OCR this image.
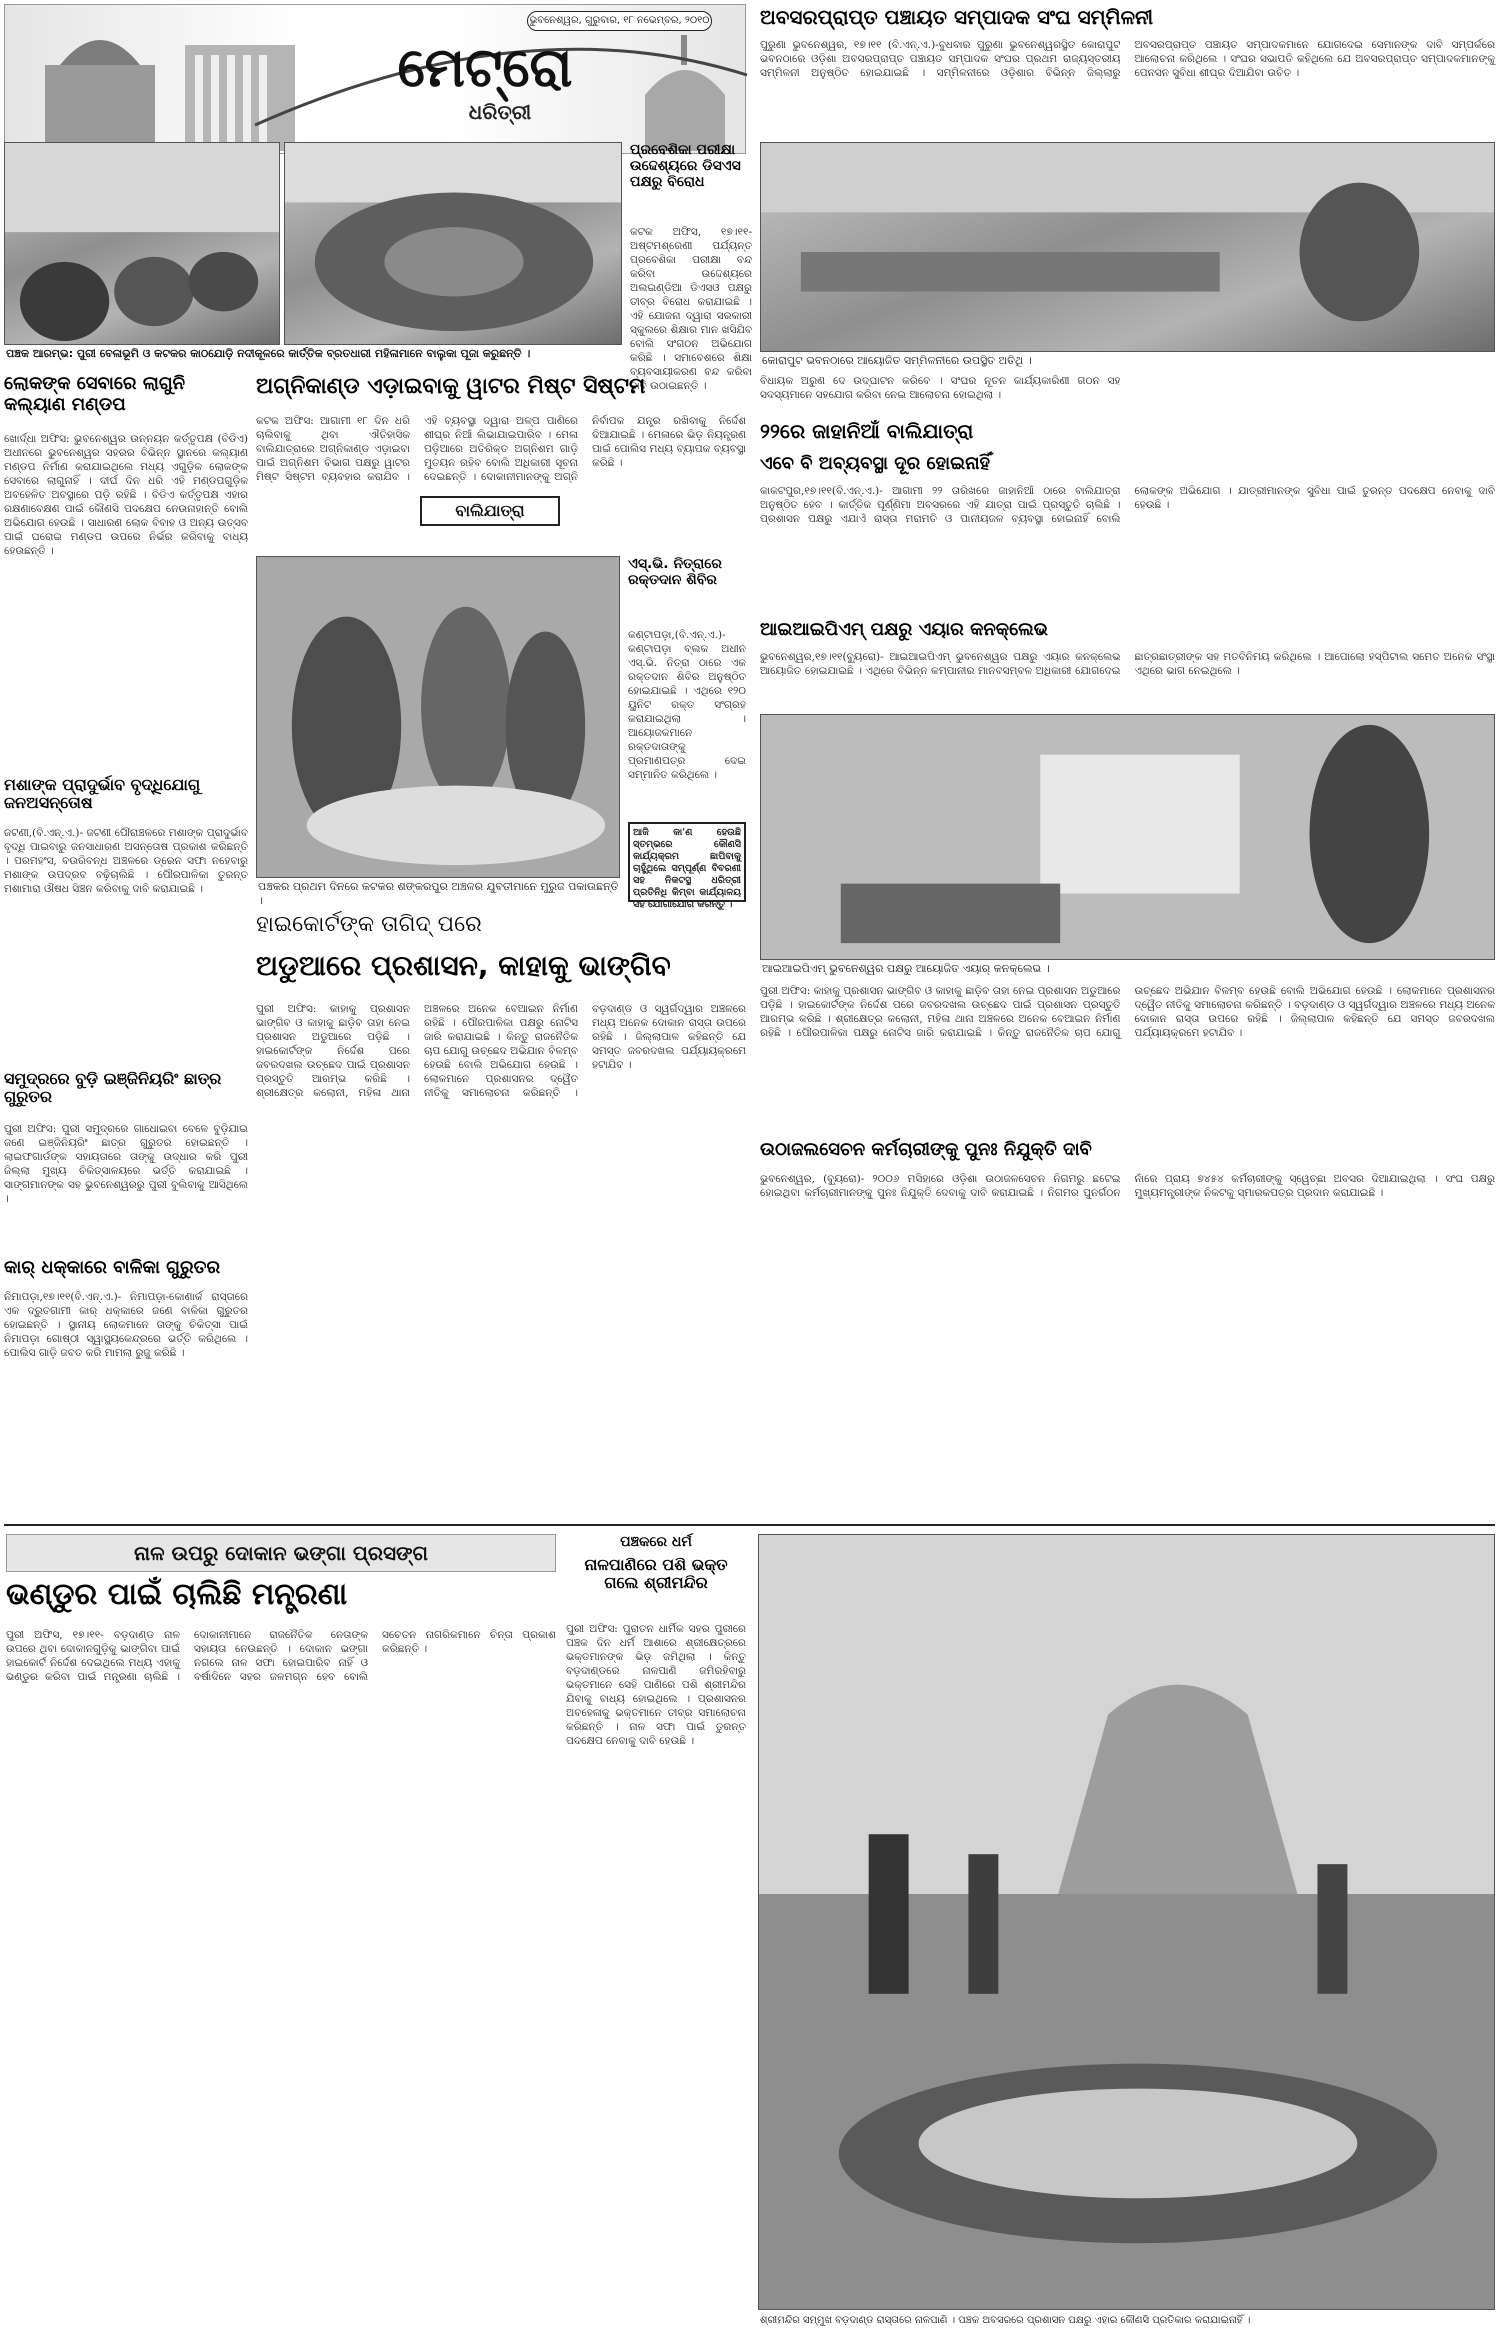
ଭୁବନେଶ୍ୱର, ଗୁରୁବାର, ୧୮ ନଭେମ୍ବର, ୨୦୧୦
ମେଟ୍ରୋ
ଧରିତ୍ରୀ
ଅବସରପ୍ରାପ୍ତ ପଞ୍ଚାୟତ ସମ୍ପାଦକ ସଂଘ ସମ୍ମିଳନୀ
ପୁରୁଣା ଭୁବନେଶ୍ୱର, ୧୭।୧୧ (ବି.ଏନ୍.ଏ.)-ବୁଧବାର ପୁରୁଣା ଭୁବନେଶ୍ୱରସ୍ଥିତ କୋରାପୁଟ ଭବନଠାରେ ଓଡ଼ିଶା ଅବସରପ୍ରାପ୍ତ ପଞ୍ଚାୟତ ସମ୍ପାଦକ ସଂଘର ପ୍ରଥମ ରାଜ୍ୟସ୍ତରୀୟ ସମ୍ମିଳନୀ ଅନୁଷ୍ଠିତ ହୋଇଯାଇଛି । ସମ୍ମିଳନୀରେ ଓଡ଼ିଶାର ବିଭିନ୍ନ ଜିଲ୍ଲାରୁ ଅବସରପ୍ରାପ୍ତ ପଞ୍ଚାୟତ ସମ୍ପାଦକମାନେ ଯୋଗଦେଇ ସେମାନଙ୍କ ଦାବି ସମ୍ପର୍କରେ ଆଲୋଚନା କରିଥିଲେ । ସଂଘର ସଭାପତି କହିଥିଲେ ଯେ ଅବସରପ୍ରାପ୍ତ ସମ୍ପାଦକମାନଙ୍କୁ ପେନସନ ସୁବିଧା ଶୀଘ୍ର ଦିଆଯିବା ଉଚିତ ।
ପଞ୍ଚକ ଆରମ୍ଭ: ପୁରୀ ବେଳାଭୂମି ଓ କଟକର କାଠଯୋଡ଼ି ନଦୀକୂଳରେ କାର୍ତ୍ତିକ ବ୍ରତଧାରୀ ମହିଳାମାନେ ବାଲୁକା ପୂଜା କରୁଛନ୍ତି ।
ପ୍ରବେଶିକା ପରୀକ୍ଷା ଉଦ୍ଦେଶ୍ୟରେ ଡିସଏସ ପକ୍ଷରୁ ବିରୋଧ
କଟକ ଅଫିସ, ୧୭।୧୧- ଅଷ୍ଟମଶ୍ରେଣୀ ପର୍ଯ୍ୟନ୍ତ ପ୍ରବେଶିକା ପରୀକ୍ଷା ବନ୍ଦ କରିବା ଉଦ୍ଦେଶ୍ୟରେ ଅଲଇଣ୍ଡିଆ ଡିଏସଓ ପକ୍ଷରୁ ତୀବ୍ର ବିରୋଧ କରାଯାଇଛି । ଏହି ଯୋଜନା ଦ୍ୱାରା ସରକାରୀ ସ୍କୁଲରେ ଶିକ୍ଷାର ମାନ ଖସିଯିବ ବୋଲି ସଂଗଠନ ଅଭିଯୋଗ କରିଛି । ସମାବେଶରେ ଶିକ୍ଷା ବ୍ୟବସାୟୀକରଣ ବନ୍ଦ କରିବା ଦାବି ଉଠାଇଛନ୍ତି ।
କୋରାପୁଟ ଭବନଠାରେ ଆୟୋଜିତ ସମ୍ମିଳନୀରେ ଉପସ୍ଥିତ ଅତିଥି ।
ଲୋକଙ୍କ ସେବାରେ ଲାଗୁନି କଲ୍ୟାଣ ମଣ୍ଡପ
ଖୋର୍ଦ୍ଧା ଅଫିସ: ଭୁବନେଶ୍ୱର ଉନ୍ନୟନ କର୍ତ୍ତୃପକ୍ଷ (ବିଡିଏ) ଅଧୀନରେ ଭୁବନେଶ୍ୱର ସହରର ବିଭିନ୍ନ ସ୍ଥାନରେ କଲ୍ୟାଣ ମଣ୍ଡପ ନିର୍ମାଣ କରାଯାଇଥିଲେ ମଧ୍ୟ ଏଗୁଡ଼ିକ ଲୋକଙ୍କ ସେବାରେ ଲାଗୁନାହିଁ । ଦୀର୍ଘ ଦିନ ଧରି ଏହି ମଣ୍ଡପଗୁଡ଼ିକ ଅବହେଳିତ ଅବସ୍ଥାରେ ପଡ଼ି ରହିଛି । ବିଡିଏ କର୍ତ୍ତୃପକ୍ଷ ଏହାର ରକ୍ଷଣାବେକ୍ଷଣ ପାଇଁ କୌଣସି ପଦକ୍ଷେପ ନେଉନାହାନ୍ତି ବୋଲି ଅଭିଯୋଗ ହେଉଛି । ସାଧାରଣ ଲୋକ ବିବାହ ଓ ଅନ୍ୟ ଉତ୍ସବ ପାଇଁ ଘରୋଇ ମଣ୍ଡପ ଉପରେ ନିର୍ଭର କରିବାକୁ ବାଧ୍ୟ ହେଉଛନ୍ତି ।
ମଶାଙ୍କ ପ୍ରାଦୁର୍ଭାବ ବୃଦ୍ଧିଯୋଗୁ ଜନଅସନ୍ତୋଷ
ଜଟଣୀ,(ବି.ଏନ୍.ଏ.)- ଜଟଣୀ ପୌରାଞ୍ଚଳରେ ମଶାଙ୍କ ପ୍ରାଦୁର୍ଭାବ ବୃଦ୍ଧି ପାଇବାରୁ ଜନସାଧାରଣ ଅସନ୍ତୋଷ ପ୍ରକାଶ କରିଛନ୍ତି । ପରମହଂସ, ବଉରିବନ୍ଧ ଅଞ୍ଚଳରେ ଡ୍ରେନ ସଫା ନହେବାରୁ ମଶାଙ୍କ ଉପଦ୍ରବ ବଢ଼ିଚାଲିଛି । ପୌରପାଳିକା ତୁରନ୍ତ ମଶାମାରା ଔଷଧ ସିଞ୍ଚନ କରିବାକୁ ଦାବି କରାଯାଇଛି ।
ଅଗ୍ନିକାଣ୍ଡ ଏଡ଼ାଇବାକୁ ୱାଟର ମିଷ୍ଟ ସିଷ୍ଟମ
କଟକ ଅଫିସ: ଆଗାମୀ ୧୮ ଦିନ ଧରି ଚାଲିବାକୁ ଥିବା ଐତିହାସିକ ବାଲିଯାତ୍ରାରେ ଅଗ୍ନିକାଣ୍ଡ ଏଡ଼ାଇବା ପାଇଁ ଅଗ୍ନିଶମ ବିଭାଗ ପକ୍ଷରୁ ୱାଟର ମିଷ୍ଟ ସିଷ୍ଟମ ବ୍ୟବହାର କରାଯିବ । ଏହି ବ୍ୟବସ୍ଥା ଦ୍ୱାରା ଅଳ୍ପ ପାଣିରେ ଶୀଘ୍ର ନିଆଁ ଲିଭାଯାଇପାରିବ । ମେଳା ପଡ଼ିଆରେ ଅତିରିକ୍ତ ଅଗ୍ନିଶମ ଗାଡ଼ି ମୁତୟନ ରହିବ ବୋଲି ଅଧିକାରୀ ସୂଚନା ଦେଇଛନ୍ତି । ଦୋକାନୀମାନଙ୍କୁ ଅଗ୍ନି ନିର୍ବାପକ ଯନ୍ତ୍ର ରଖିବାକୁ ନିର୍ଦ୍ଦେଶ ଦିଆଯାଇଛି । ମେଳାରେ ଭିଡ଼ ନିୟନ୍ତ୍ରଣ ପାଇଁ ପୋଲିସ ମଧ୍ୟ ବ୍ୟାପକ ବ୍ୟବସ୍ଥା କରିଛି ।
ବାଲିଯାତ୍ରା
ପଞ୍ଚକର ପ୍ରଥମ ଦିନରେ କଟକର ଶଙ୍କରପୁର ଅଞ୍ଚଳର ଯୁବତୀମାନେ ମୁରୁଜ ପକାଉଛନ୍ତି ।
ଏସ୍.ଭି. ନିତ୍ରାରେ ରକ୍ତଦାନ ଶିବିର
କଣ୍ଟାପଡ଼ା,(ବି.ଏନ୍.ଏ.)- କଣ୍ଟାପଡ଼ା ବ୍ଲକ ଅଧୀନ ଏସ୍.ଭି. ନିତ୍ରା ଠାରେ ଏକ ରକ୍ତଦାନ ଶିବିର ଅନୁଷ୍ଠିତ ହୋଇଯାଇଛି । ଏଥିରେ ୧୨୦ ୟୁନିଟ ରକ୍ତ ସଂଗ୍ରହ କରାଯାଇଥିଲା । ଆୟୋଜକମାନେ ରକ୍ତଦାତାଙ୍କୁ ପ୍ରମାଣପତ୍ର ଦେଇ ସମ୍ମାନିତ କରିଥିଲେ ।
ଆଜି କା'ଣ ହେଉଛି ସ୍ତମ୍ଭରେ କୌଣସି କାର୍ଯ୍ୟକ୍ରମ ଛାପିବାକୁ ଚାହୁଁଥିଲେ ସମ୍ପୂର୍ଣ୍ଣ ବିବରଣୀ ସହ ନିକଟସ୍ଥ ଧରିତ୍ରୀ ପ୍ରତିନିଧି କିମ୍ବା କାର୍ଯ୍ୟାଳୟ ସହ ଯୋଗାଯୋଗ କରନ୍ତୁ ।
ବିଧାୟକ ଅରୁଣ ଦେ ଉଦ୍‌ଘାଟନ କରିବେ । ସଂଘର ନୂତନ କାର୍ଯ୍ୟକାରିଣୀ ଗଠନ ସହ ସଦସ୍ୟମାନେ ସହଯୋଗ କରିବା ନେଇ ଆଲୋଚନା ହୋଇଥିଲା ।
୨୨ରେ ଜାହାନିଆଁ ବାଲିଯାତ୍ରା
ଏବେ ବି ଅବ୍ୟବସ୍ଥା ଦୂର ହୋଇନାହିଁ
କାକଟପୁର,୧୭।୧୧(ବି.ଏନ୍.ଏ.)- ଆଗାମୀ ୨୨ ତାରିଖରେ ଜାହାନିଆଁ ଠାରେ ବାଲିଯାତ୍ରା ଅନୁଷ୍ଠିତ ହେବ । କାର୍ତ୍ତିକ ପୂର୍ଣ୍ଣିମା ଅବସରରେ ଏହି ଯାତ୍ରା ପାଇଁ ପ୍ରସ୍ତୁତି ଚାଲିଛି । ପ୍ରଶାସନ ପକ୍ଷରୁ ଏଯାଏଁ ରାସ୍ତା ମରାମତି ଓ ପାନୀୟଜଳ ବ୍ୟବସ୍ଥା ହୋଇନାହିଁ ବୋଲି ଲୋକଙ୍କ ଅଭିଯୋଗ । ଯାତ୍ରୀମାନଙ୍କ ସୁବିଧା ପାଇଁ ତୁରନ୍ତ ପଦକ୍ଷେପ ନେବାକୁ ଦାବି ହେଉଛି ।
ଆଇଆଇପିଏମ୍ ପକ୍ଷରୁ ଏୟାର କନକ୍ଲେଭ
ଭୁବନେଶ୍ୱର,୧୭।୧୧(ବ୍ୟୁରୋ)- ଆଇଆଇପିଏମ୍ ଭୁବନେଶ୍ୱର ପକ୍ଷରୁ ଏୟାର କନକ୍ଲେଭ ଆୟୋଜିତ ହୋଇଯାଇଛି । ଏଥିରେ ବିଭିନ୍ନ କମ୍ପାନୀର ମାନବସମ୍ବଳ ଅଧିକାରୀ ଯୋଗଦେଇ ଛାତ୍ରଛାତ୍ରୀଙ୍କ ସହ ମତବିନିମୟ କରିଥିଲେ । ଆପୋଲୋ ହସ୍ପିଟାଲ ସମେତ ଅନେକ ସଂସ୍ଥା ଏଥିରେ ଭାଗ ନେଇଥିଲେ ।
ଆଇଆଇପିଏମ୍ ଭୁବନେଶ୍ୱର ପକ୍ଷରୁ ଆୟୋଜିତ ଏୟାର୍ କନକ୍ଲେଭ ।
ସମୁଦ୍ରରେ ବୁଡ଼ି ଇଞ୍ଜିନିୟରିଂ ଛାତ୍ର ଗୁରୁତର
ପୁରୀ ଅଫିସ: ପୁରୀ ସମୁଦ୍ରରେ ଗାଧୋଇବା ବେଳେ ବୁଡ଼ିଯାଇ ଜଣେ ଇଞ୍ଜିନିୟରିଂ ଛାତ୍ର ଗୁରୁତର ହୋଇଛନ୍ତି । ଲାଇଫଗାର୍ଡଙ୍କ ସହାୟତାରେ ତାଙ୍କୁ ଉଦ୍ଧାର କରି ପୁରୀ ଜିଲ୍ଲା ମୁଖ୍ୟ ଚିକିତ୍ସାଳୟରେ ଭର୍ତ୍ତି କରାଯାଇଛି । ସାଙ୍ଗମାନଙ୍କ ସହ ଭୁବନେଶ୍ୱରରୁ ପୁରୀ ବୁଲିବାକୁ ଆସିଥିଲେ ।
କାର୍ ଧକ୍କାରେ ବାଳିକା ଗୁରୁତର
ନିମାପଡ଼ା,୧୭।୧୧(ବି.ଏନ୍.ଏ.)- ନିମାପଡ଼ା-କୋଣାର୍କ ରାସ୍ତାରେ ଏକ ଦ୍ରୁତଗାମୀ କାର୍ ଧକ୍କାରେ ଜଣେ ବାଳିକା ଗୁରୁତର ହୋଇଛନ୍ତି । ସ୍ଥାନୀୟ ଲୋକମାନେ ତାଙ୍କୁ ଚିକିତ୍ସା ପାଇଁ ନିମାପଡ଼ା ଗୋଷ୍ଠୀ ସ୍ୱାସ୍ଥ୍ୟକେନ୍ଦ୍ରରେ ଭର୍ତ୍ତି କରିଥିଲେ । ପୋଲିସ ଗାଡ଼ି ଜବତ କରି ମାମଲା ରୁଜୁ କରିଛି ।
ହାଇକୋର୍ଟଙ୍କ ତାଗିଦ୍ ପରେ
ଅଡୁଆରେ ପ୍ରଶାସନ, କାହାକୁ ଭାଙ୍ଗିବ
ପୁରୀ ଅଫିସ: କାହାକୁ ପ୍ରଶାସନ ଭାଙ୍ଗିବ ଓ କାହାକୁ ଛାଡ଼ିବ ତାହା ନେଇ ପ୍ରଶାସନ ଅଡୁଆରେ ପଡ଼ିଛି । ହାଇକୋର୍ଟଙ୍କ ନିର୍ଦ୍ଦେଶ ପରେ ଜବରଦଖଲ ଉଚ୍ଛେଦ ପାଇଁ ପ୍ରଶାସନ ପ୍ରସ୍ତୁତି ଆରମ୍ଭ କରିଛି । ଶ୍ରୀକ୍ଷେତ୍ର କଲୋନୀ, ମହିଳା ଥାନା ଅଞ୍ଚଳରେ ଅନେକ ବେଆଇନ ନିର୍ମାଣ ରହିଛି । ପୌରପାଳିକା ପକ୍ଷରୁ ନୋଟିସ ଜାରି କରାଯାଇଛି । କିନ୍ତୁ ରାଜନୈତିକ ଚାପ ଯୋଗୁ ଉଚ୍ଛେଦ ଅଭିଯାନ ବିଳମ୍ବ ହେଉଛି ବୋଲି ଅଭିଯୋଗ ହେଉଛି । ଲୋକମାନେ ପ୍ରଶାସନର ଦ୍ୱୈତ ନୀତିକୁ ସମାଲୋଚନା କରିଛନ୍ତି । ବଡ଼ଦାଣ୍ଡ ଓ ସ୍ୱର୍ଗଦ୍ୱାର ଅଞ୍ଚଳରେ ମଧ୍ୟ ଅନେକ ଦୋକାନ ରାସ୍ତା ଉପରେ ରହିଛି । ଜିଲ୍ଲାପାଳ କହିଛନ୍ତି ଯେ ସମସ୍ତ ଜବରଦଖଲ ପର୍ଯ୍ୟାୟକ୍ରମେ ହଟାଯିବ ।
ପୁରୀ ଅଫିସ: କାହାକୁ ପ୍ରଶାସନ ଭାଙ୍ଗିବ ଓ କାହାକୁ ଛାଡ଼ିବ ତାହା ନେଇ ପ୍ରଶାସନ ଅଡୁଆରେ ପଡ଼ିଛି । ହାଇକୋର୍ଟଙ୍କ ନିର୍ଦ୍ଦେଶ ପରେ ଜବରଦଖଲ ଉଚ୍ଛେଦ ପାଇଁ ପ୍ରଶାସନ ପ୍ରସ୍ତୁତି ଆରମ୍ଭ କରିଛି । ଶ୍ରୀକ୍ଷେତ୍ର କଲୋନୀ, ମହିଳା ଥାନା ଅଞ୍ଚଳରେ ଅନେକ ବେଆଇନ ନିର୍ମାଣ ରହିଛି । ପୌରପାଳିକା ପକ୍ଷରୁ ନୋଟିସ ଜାରି କରାଯାଇଛି । କିନ୍ତୁ ରାଜନୈତିକ ଚାପ ଯୋଗୁ ଉଚ୍ଛେଦ ଅଭିଯାନ ବିଳମ୍ବ ହେଉଛି ବୋଲି ଅଭିଯୋଗ ହେଉଛି । ଲୋକମାନେ ପ୍ରଶାସନର ଦ୍ୱୈତ ନୀତିକୁ ସମାଲୋଚନା କରିଛନ୍ତି । ବଡ଼ଦାଣ୍ଡ ଓ ସ୍ୱର୍ଗଦ୍ୱାର ଅଞ୍ଚଳରେ ମଧ୍ୟ ଅନେକ ଦୋକାନ ରାସ୍ତା ଉପରେ ରହିଛି । ଜିଲ୍ଲାପାଳ କହିଛନ୍ତି ଯେ ସମସ୍ତ ଜବରଦଖଲ ପର୍ଯ୍ୟାୟକ୍ରମେ ହଟାଯିବ ।
ଉଠାଜଲସେଚନ କର୍ମଚାରୀଙ୍କୁ ପୁନଃ ନିଯୁକ୍ତି ଦାବି
ଭୁବନେଶ୍ୱର, (ବ୍ୟୁରୋ)- ୨୦୦୬ ମସିହାରେ ଓଡ଼ିଶା ଉଠାଜଳସେଚନ ନିଗମରୁ ଛଟେଇ ହୋଇଥିବା କର୍ମଚାରୀମାନଙ୍କୁ ପୁନଃ ନିଯୁକ୍ତି ଦେବାକୁ ଦାବି କରାଯାଇଛି । ନିଗମର ପୁନର୍ଗଠନ ନାଁରେ ପ୍ରାୟ ୭୪୫୪ କର୍ମଚାରୀଙ୍କୁ ସ୍ୱେଚ୍ଛା ଅବସର ଦିଆଯାଇଥିଲା । ସଂଘ ପକ୍ଷରୁ ମୁଖ୍ୟମନ୍ତ୍ରୀଙ୍କ ନିକଟକୁ ସ୍ମାରକପତ୍ର ପ୍ରଦାନ କରାଯାଇଛି ।
ନାଳ ଉପରୁ ଦୋକାନ ଭଙ୍ଗା ପ୍ରସଙ୍ଗ
ଭଣ୍ଡୁର ପାଇଁ ଚାଲିଛି ମନ୍ତ୍ରଣା
ପୁରୀ ଅଫିସ, ୧୭।୧୧- ବଡ଼ଦାଣ୍ଡ ନାଳ ଉପରେ ଥିବା ଦୋକାନଗୁଡ଼ିକୁ ଭାଙ୍ଗିବା ପାଇଁ ହାଇକୋର୍ଟ ନିର୍ଦ୍ଦେଶ ଦେଇଥିଲେ ମଧ୍ୟ ଏହାକୁ ଭଣ୍ଡୁର କରିବା ପାଇଁ ମନ୍ତ୍ରଣା ଚାଲିଛି । ଦୋକାନୀମାନେ ରାଜନୈତିକ ନେତାଙ୍କ ସହାୟତା ନେଉଛନ୍ତି । ଦୋକାନ ଭଙ୍ଗା ନଗଲେ ନାଳ ସଫା ହୋଇପାରିବ ନାହିଁ ଓ ବର୍ଷାଦିନେ ସହର ଜଳମଗ୍ନ ହେବ ବୋଲି ସଚେତନ ନାଗରିକମାନେ ଚିନ୍ତା ପ୍ରକାଶ କରିଛନ୍ତି ।
ପଞ୍ଚକରେ ଧର୍ମ
ନାଳପାଣିରେ ପଶି ଭକ୍ତ ଗଲେ ଶ୍ରୀମନ୍ଦିର
ପୁରୀ ଅଫିସ: ପୁରାତନ ଧାର୍ମିକ ସହର ପୁରୀରେ ପଞ୍ଚକ ଦିନ ଧର୍ମ ଆଶାରେ ଶ୍ରୀକ୍ଷେତ୍ରରେ ଭକ୍ତମାନଙ୍କ ଭିଡ଼ ଜମିଥିଲା । କିନ୍ତୁ ବଡ଼ଦାଣ୍ଡରେ ନାଳପାଣି ଜମିରହିବାରୁ ଭକ୍ତମାନେ ସେହି ପାଣିରେ ପଶି ଶ୍ରୀମନ୍ଦିର ଯିବାକୁ ବାଧ୍ୟ ହୋଇଥିଲେ । ପ୍ରଶାସନର ଅବହେଳାକୁ ଭକ୍ତମାନେ ତୀବ୍ର ସମାଲୋଚନା କରିଛନ୍ତି । ନାଳ ସଫା ପାଇଁ ତୁରନ୍ତ ପଦକ୍ଷେପ ନେବାକୁ ଦାବି ହେଉଛି ।
ଶ୍ରୀମନ୍ଦିର ସମ୍ମୁଖ ବଡ଼ଦାଣ୍ଡ ରାସ୍ତାରେ ନାଳପାଣି । ପଞ୍ଚକ ଅବସରରେ ପ୍ରଶାସନ ପକ୍ଷରୁ ଏହାର କୌଣସି ପ୍ରତିକାର କରାଯାଇନାହିଁ ।
